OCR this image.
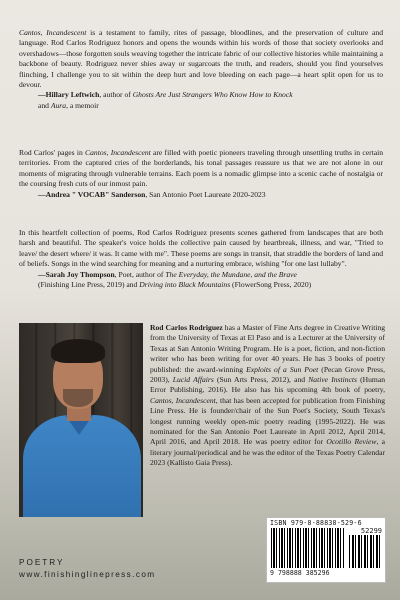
Cantos, Incandescent is a testament to family, rites of passage, bloodlines, and the preservation of culture and language. Rod Carlos Rodriguez honors and opens the wounds within his words of those that society overlooks and overshadows—those forgotten souls weaving together the intricate fabric of our collective histories while maintaining a backbone of beauty. Rodriguez never shies away or sugarcoats the truth, and readers, should you find yourselves flinching, I challenge you to sit within the deep hurt and love bleeding on each page—a heart split open for us to devour.

—Hillary Leftwich, author of Ghosts Are Just Strangers Who Know How to Knock
and Aura, a memoir

Rod Carlos' pages in Cantos, Incandescent are filled with poetic pioneers traveling through unsettling truths in certain territories. From the captured cries of the borderlands, his tonal passages reassure us that we are not alone in our moments of migrating through vulnerable terrains. Each poem is a nomadic glimpse into a scenic cache of nostalgia or the coursing fresh cuts of our inmost pain.

—Andrea " VOCAB" Sanderson, San Antonio Poet Laureate 2020-2023

In this heartfelt collection of poems, Rod Carlos Rodriguez presents scenes gathered from landscapes that are both harsh and beautiful. The speaker's voice holds the collective pain caused by heartbreak, illness, and war, "Tried to leave/ the desert where/ it was. It came with me". These poems are songs in transit, that straddle the borders of land and of beliefs. Songs in the wind searching for meaning and a nurturing embrace, wishing "for one last lullaby".

—Sarah Joy Thompson, Poet, author of The Everyday, the Mundane, and the Brave
(Finishing Line Press, 2019) and Driving into Black Mountains (FlowerSong Press, 2020)

Rod Carlos Rodriguez has a Master of Fine Arts degree in Creative Writing from the University of Texas at El Paso and is a Lecturer at the University of Texas at San Antonio Writing Program. He is a poet, fiction, and non-fiction writer who has been writing for over 40 years. He has 3 books of poetry published: the award-winning Exploits of a Sun Poet (Pecan Grove Press, 2003), Lucid Affairs (Sun Arts Press, 2012), and Native Instincts (Human Error Publishing, 2016). He also has his upcoming 4th book of poetry, Cantos, Incandescent, that has been accepted for publication from Finishing Line Press. He is founder/chair of the Sun Poet's Society, South Texas's longest running weekly open-mic poetry reading (1995-2022). He was nominated for the San Antonio Poet Laureate in April 2012, April 2014, April 2016, and April 2018. He was poetry editor for Ocotillo Review, a literary journal/periodical and he was the editor of the Texas Poetry Calendar 2023 (Kallisto Gaia Press).

ISBN 979-8-88838-529-6
52299
9 798888 385296
POETRY
www.finishinglinepress.com
